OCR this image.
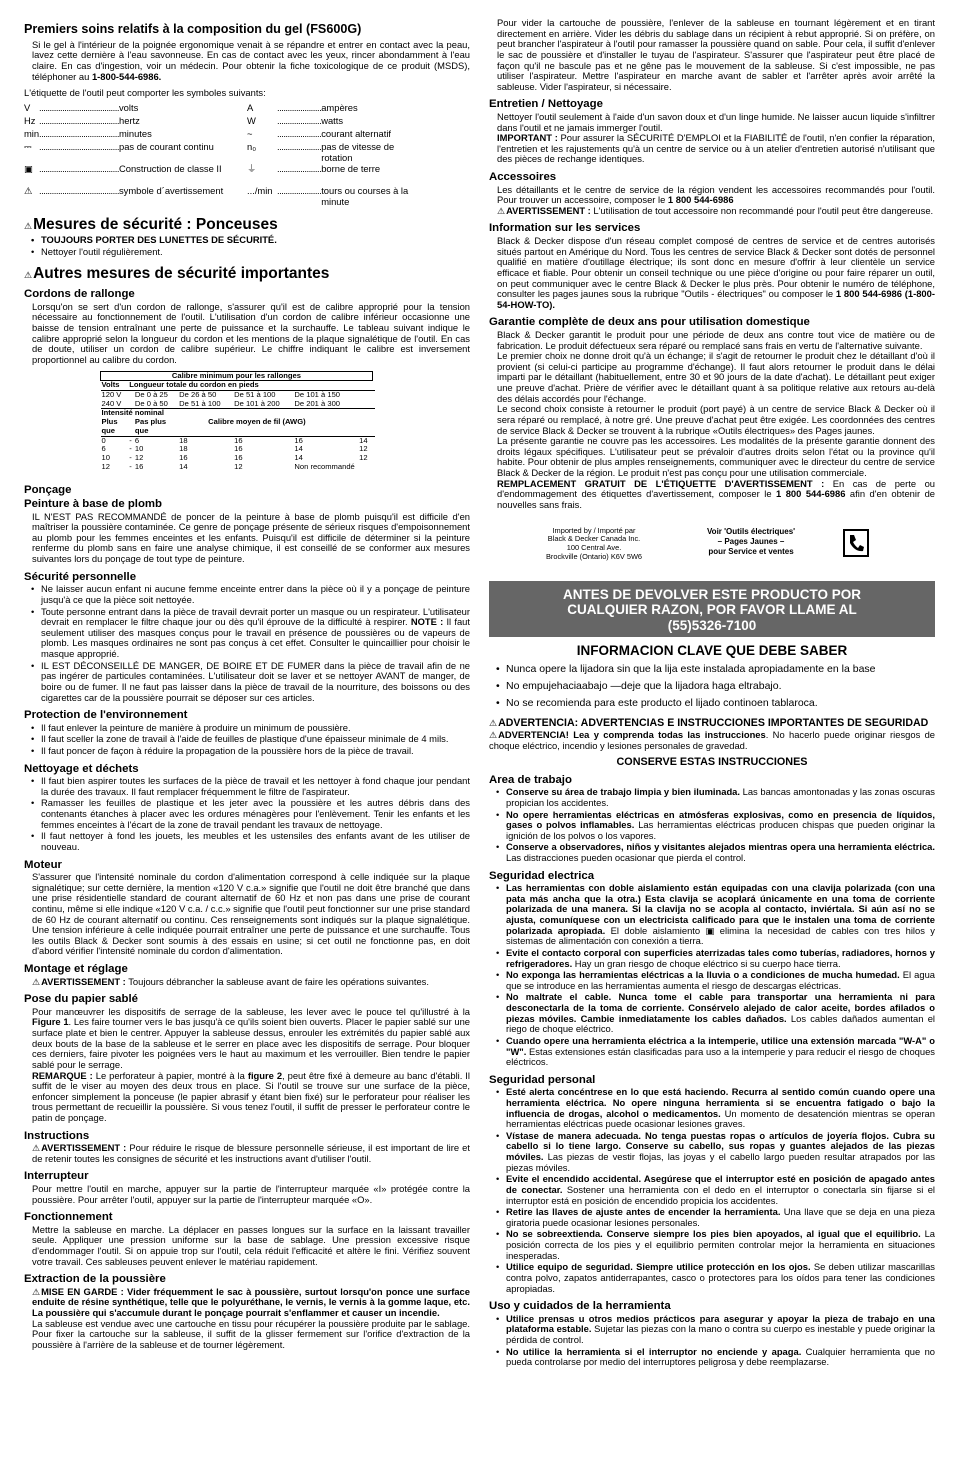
Premiers soins relatifs à la composition du gel (FS600G)

Si le gel à l'intérieur de la poignée ergonomique venait à se répandre et entrer en contact avec la peau, lavez cette dernière à l'eau savonneuse. En cas de contact avec les yeux, rincer abondamment à l'eau claire. En cas d'ingestion, voir un médecin. Pour obtenir la fiche toxicologique de ce produit (MSDS), téléphoner au 1-800-544-6986.

L'étiquette de l'outil peut comporter les symboles suivants:
V ...................................... volts	A	..................... ampères
Hz ...................................... hertz	W	..................... watts
min ...................................... minutes	~	..................... courant alternatif
⎓ ...................................... pas de courant continu	n₀	..................... pas de vitesse de rotation
▣ ...................................... Construction de classe II	⏚	..................... borne de terre
⚠ ...................................... symbole d´avertissement	.../min ..................... tours ou courses à la minute
⚠Mesures de sécurité : Ponceuses
• TOUJOURS PORTER DES LUNETTES DE SÉCURITÉ.
• Nettoyer l'outil régulièrement.
⚠Autres mesures de sécurité importantes
Cordons de rallonge

Lorsqu'on se sert d'un cordon de rallonge, s'assurer qu'il est de calibre approprié pour la tension nécessaire au fonctionnement de l'outil. L'utilisation d'un cordon de calibre inférieur occasionne une baisse de tension entraînant une perte de puissance et la surchauffe. Le tableau suivant indique le calibre approprié selon la longueur du cordon et les mentions de la plaque signalétique de l'outil. En cas de doute, utiliser un cordon de calibre supérieur. Le chiffre indiquant le calibre est inversement proportionnel au calibre du cordon.

Calibre minimum pour les rallonges							
Volts	Longueur totale du cordon en pieds						
120 V		De 0 à 25	De 26 à 50	De 51 à 100	De 101 à 150		
240 V		De 0 à 50	De 51 à 100	De 101 à 200	De 201 à 300		
Intensité nominal							
Plus		Pas plus	Calibre moyen de fil (AWG)				
que		que					
0	-	6	18	16	16	14	
6	-	10	18	16	14	12	
10	-	12	16	16	14	12	
12	-	16	14	12	Non recommandé		
Ponçage
Peinture à base de plomb

IL N'EST PAS RECOMMANDÉ de poncer de la peinture à base de plomb puisqu'il est difficile d'en maîtriser la poussière contaminée. Ce genre de ponçage présente de sérieux risques d'empoisonnement au plomb pour les femmes enceintes et les enfants. Puisqu'il est difficile de déterminer si la peinture renferme du plomb sans en faire une analyse chimique, il est conseillé de se conformer aux mesures suivantes lors du ponçage de tout type de peinture.

Sécurité personnelle
• Ne laisser aucun enfant ni aucune femme enceinte entrer dans la pièce où il y a ponçage de peinture jusqu'à ce que la pièce soit nettoyée.
• Toute personne entrant dans la pièce de travail devrait porter un masque ou un respirateur. L'utilisateur devrait en remplacer le filtre chaque jour ou dès qu'il éprouve de la difficulté à respirer. NOTE : Il faut seulement utiliser des masques conçus pour le travail en présence de poussières ou de vapeurs de plomb. Les masques ordinaires ne sont pas conçus à cet effet. Consulter le quincaillier pour choisir le masque approprié.
• IL EST DÉCONSEILLÉ DE MANGER, DE BOIRE ET DE FUMER dans la pièce de travail afin de ne pas ingérer de particules contaminées. L'utilisateur doit se laver et se nettoyer AVANT de manger, de boire ou de fumer. Il ne faut pas laisser dans la pièce de travail de la nourriture, des boissons ou des cigarettes car de la poussière pourrait se déposer sur ces articles.
Protection de l'environnement
• Il faut enlever la peinture de manière à produire un minimum de poussière.
• Il faut sceller la zone de travail à l'aide de feuilles de plastique d'une épaisseur minimale de 4 mils.
• Il faut poncer de façon à réduire la propagation de la poussière hors de la pièce de travail.
Nettoyage et déchets
• Il faut bien aspirer toutes les surfaces de la pièce de travail et les nettoyer à fond chaque jour pendant la durée des travaux. Il faut remplacer fréquemment le filtre de l'aspirateur.
• Ramasser les feuilles de plastique et les jeter avec la poussière et les autres débris dans des contenants étanches à placer avec les ordures ménagères pour l'enlèvement. Tenir les enfants et les femmes enceintes à l'écart de la zone de travail pendant les travaux de nettoyage.
• Il faut nettoyer à fond les jouets, les meubles et les ustensiles des enfants avant de les utiliser de nouveau.
Moteur

S'assurer que l'intensité nominale du cordon d'alimentation correspond à celle indiquée sur la plaque signalétique; sur cette dernière, la mention «120 V c.a.» signifie que l'outil ne doit être branché que dans une prise résidentielle standard de courant alternatif de 60 Hz et non pas dans une prise de courant continu, même si elle indique «120 V c.a. / c.c.» signifie que l'outil peut fonctionner sur une prise standard de 60 Hz de courant alternatif ou continu. Ces renseignements sont indiqués sur la plaque signalétique. Une tension inférieure à celle indiquée pourrait entraîner une perte de puissance et une surchauffe. Tous les outils Black & Decker sont soumis à des essais en usine; si cet outil ne fonctionne pas, en doit d'abord vérifier l'intensité nominale du cordon d'alimentation.

Montage et réglage

⚠AVERTISSEMENT : Toujours débrancher la sableuse avant de faire les opérations suivantes.

Pose du papier sablé

Pour manœuvrer les dispositifs de serrage de la sableuse, les lever avec le pouce tel qu'illustré à la Figure 1. Les faire tourner vers le bas jusqu'à ce qu'ils soient bien ouverts. Placer le papier sablé sur une surface plate et bien le centrer. Appuyer la sableuse dessus, enrouler les extrémités du papier sablé aux deux bouts de la base de la sableuse et le serrer en place avec les dispositifs de serrage. Pour bloquer ces derniers, faire pivoter les poignées vers le haut au maximum et les verrouiller. Bien tendre le papier sablé pour le serrage.
REMARQUE : Le perforateur à papier, montré à la figure 2, peut être fixé à demeure au banc d'établi. Il suffit de le viser au moyen des deux trous en place. Si l'outil se trouve sur une surface de la pièce, enfoncer simplement la ponceuse (le papier abrasif y étant bien fixé) sur le perforateur pour réaliser les trous permettant de recueillir la poussière. Si vous tenez l'outil, il suffit de presser le perforateur contre le patin de ponçage.

Instructions

⚠AVERTISSEMENT : Pour réduire le risque de blessure personnelle sérieuse, il est important de lire et de retenir toutes les consignes de sécurité et les instructions avant d'utiliser l'outil.

Interrupteur

Pour mettre l'outil en marche, appuyer sur la partie de l'interrupteur marquée «I» protégée contre la poussière. Pour arrêter l'outil, appuyer sur la partie de l'interrupteur marquée «O».

Fonctionnement

Mettre la sableuse en marche. La déplacer en passes longues sur la surface en la laissant travailler seule. Appliquer une pression uniforme sur la base de sablage. Une pression excessive risque d'endommager l'outil. Si on appuie trop sur l'outil, cela réduit l'efficacité et altère le fini. Vérifiez souvent votre travail. Ces sableuses peuvent enlever le matériau rapidement.

Extraction de la poussière

⚠MISE EN GARDE : Vider fréquemment le sac à poussière, surtout lorsqu'on ponce une surface enduite de résine synthétique, telle que le polyuréthane, le vernis, le vernis à la gomme laque, etc. La poussière qui s'accumule durant le ponçage pourrait s'enflammer et causer un incendie.

La sableuse est vendue avec une cartouche en tissu pour récupérer la poussière produite par le sablage. Pour fixer la cartouche sur la sableuse, il suffit de la glisser fermement sur l'orifice d'extraction de la poussière à l'arrière de la sableuse et de tourner légèrement.

Pour vider la cartouche de poussière, l'enlever de la sableuse en tournant légèrement et en tirant directement en arrière. Vider les débris du sablage dans un récipient à rebut approprié. Si on préfère, on peut brancher l'aspirateur à l'outil pour ramasser la poussière quand on sable. Pour cela, il suffit d'enlever le sac de poussière et d'installer le tuyau de l'aspirateur. S'assurer que l'aspirateur peut être placé de façon qu'il ne bascule pas et ne gêne pas le mouvement de la sableuse. Si c'est impossible, ne pas utiliser l'aspirateur. Mettre l'aspirateur en marche avant de sabler et l'arrêter après avoir arrêté la sableuse. Vider l'aspirateur, si nécessaire.

Entretien / Nettoyage

Nettoyer l'outil seulement à l'aide d'un savon doux et d'un linge humide. Ne laisser aucun liquide s'infiltrer dans l'outil et ne jamais immerger l'outil.
IMPORTANT : Pour assurer la SÉCURITÉ D'EMPLOI et la FIABILITÉ de l'outil, n'en confier la réparation, l'entretien et les rajustements qu'à un centre de service ou à un atelier d'entretien autorisé n'utilisant que des pièces de rechange identiques.

Accessoires

Les détaillants et le centre de service de la région vendent les accessoires recommandés pour l'outil. Pour trouver un accessoire, composer le 1 800 544-6986
⚠AVERTISSEMENT : L'utilisation de tout accessoire non recommandé pour l'outil peut être dangereuse.

Information sur les services

Black & Decker dispose d'un réseau complet composé de centres de service et de centres autorisés situés partout en Amérique du Nord. Tous les centres de service Black & Decker sont dotés de personnel qualifié en matière d'outillage électrique; ils sont donc en mesure d'offrir à leur clientèle un service efficace et fiable. Pour obtenir un conseil technique ou une pièce d'origine ou pour faire réparer un outil, on peut communiquer avec le centre Black & Decker le plus près. Pour obtenir le numéro de téléphone, consulter les pages jaunes sous la rubrique "Outils - électriques" ou composer le 1 800 544-6986 (1-800-54-HOW-TO).

Garantie complète de deux ans pour utilisation domestique

Black & Decker garantit le produit pour une période de deux ans contre tout vice de matière ou de fabrication. Le produit défectueux sera réparé ou remplacé sans frais en vertu de l'alternative suivante.

Le premier choix ne donne droit qu'à un échange; il s'agit de retourner le produit chez le détaillant d'où il provient (si celui-ci participe au programme d'échange). Il faut alors retourner le produit dans le délai imparti par le détaillant (habituellement, entre 30 et 90 jours de la date d'achat). Le détaillant peut exiger une preuve d'achat. Prière de vérifier avec le détaillant quant à sa politique relative aux retours au-delà des délais accordés pour l'échange.

Le second choix consiste à retourner le produit (port payé) à un centre de service Black & Decker où il sera réparé ou remplacé, à notre gré. Une preuve d'achat peut être exigée. Les coordonnées des centres de service Black & Decker se trouvent à la rubrique «Outils électriques» des Pages jaunes.

La présente garantie ne couvre pas les accessoires. Les modalités de la présente garantie donnent des droits légaux spécifiques. L'utilisateur peut se prévaloir d'autres droits selon l'état ou la province qu'il habite. Pour obtenir de plus amples renseignements, communiquer avec le directeur du centre de service Black & Decker de la région. Le produit n'est pas conçu pour une utilisation commerciale.

REMPLACEMENT GRATUIT DE L'ÉTIQUETTE D'AVERTISSEMENT : En cas de perte ou d'endommagement des étiquettes d'avertissement, composer le 1 800 544-6986 afin d'en obtenir de nouvelles sans frais.

Imported by / Importé par
Black & Decker Canada Inc.
100 Central Ave.
Brockville (Ontario) K6V 5W6
Voir 'Outils électriques'
– Pages Jaunes –
pour Service et ventes
ANTES DE DEVOLVER ESTE PRODUCTO POR
CUALQUIER RAZON, POR FAVOR LLAME AL
(55)5326-7100
INFORMACION CLAVE QUE DEBE SABER
• Nunca opere la lijadora sin que la lija este instalada apropiadamente en la base
• No empujehaciaabajo —deje que la lijadora haga eltrabajo.
• No se recomienda para este producto el lijado continoen tablaroca.
⚠ADVERTENCIA: ADVERTENCIAS E INSTRUCCIONES IMPORTANTES DE SEGURIDAD
⚠ADVERTENCIA! Lea y comprenda todas las instrucciones. No hacerlo puede originar riesgos de choque eléctrico, incendio y lesiones personales de gravedad.
CONSERVE ESTAS INSTRUCCIONES
Area de trabajo
• Conserve su área de trabajo limpia y bien iluminada. Las bancas amontonadas y las zonas oscuras propician los accidentes.
• No opere herramientas eléctricas en atmósferas explosivas, como en presencia de líquidos, gases o polvos inflamables. Las herramientas eléctricas producen chispas que pueden originar la ignición de los polvos o los vapores.
• Conserve a observadores, niños y visitantes alejados mientras opera una herramienta eléctrica. Las distracciones pueden ocasionar que pierda el control.
Seguridad electrica
• Las herramientas con doble aislamiento están equipadas con una clavija polarizada (con una pata más ancha que la otra.) Esta clavija se acoplará únicamente en una toma de corriente polarizada de una manera. Si la clavija no se acopla al contacto, inviértala. Si aún así no se ajusta, comuníquese con un electricista calificado para que le instalen una toma de corriente polarizada apropiada. El doble aislamiento ▣ elimina la necesidad de cables con tres hilos y sistemas de alimentación con conexión a tierra.
• Evite el contacto corporal con superficies aterrizadas tales como tuberías, radiadores, hornos y refrigeradores. Hay un gran riesgo de choque eléctrico si su cuerpo hace tierra.
• No exponga las herramientas eléctricas a la lluvia o a condiciones de mucha humedad. El agua que se introduce en las herramientas aumenta el riesgo de descargas eléctricas.
• No maltrate el cable. Nunca tome el cable para transportar una herramienta ni para desconectarla de la toma de corriente. Consérvelo alejado de calor aceite, bordes afilados o piezas móviles. Cambie inmediatamente los cables dañados. Los cables dañados aumentan el riego de choque eléctrico.
• Cuando opere una herramienta eléctrica a la intemperie, utilice una extensión marcada "W-A" o "W". Estas extensiones están clasificadas para uso a la intemperie y para reducir el riesgo de choques eléctricos.
Seguridad personal
• Esté alerta concéntrese en lo que está haciendo. Recurra al sentido común cuando opere una herramienta eléctrica. No opere ninguna herramienta si se encuentra fatigado o bajo la influencia de drogas, alcohol o medicamentos. Un momento de desatención mientras se operan herramientas eléctricas puede ocasionar lesiones graves.
• Vístase de manera adecuada. No tenga puestas ropas o artículos de joyería flojos. Cubra su cabello si lo tiene largo. Conserve su cabello, sus ropas y guantes alejados de las piezas móviles. Las piezas de vestir flojas, las joyas y el cabello largo pueden resultar atrapados por las piezas móviles.
• Evite el encendido accidental. Asegúrese que el interruptor esté en posición de apagado antes de conectar. Sostener una herramienta con el dedo en el interruptor o conectarla sin fijarse si el interruptor está en posición de encendido propicia los accidentes.
• Retire las llaves de ajuste antes de encender la herramienta. Una llave que se deja en una pieza giratoria puede ocasionar lesiones personales.
• No se sobreextienda. Conserve siempre los pies bien apoyados, al igual que el equilibrio. La posición correcta de los pies y el equilibrio permiten controlar mejor la herramienta en situaciones inesperadas.
• Utilice equipo de seguridad. Siempre utilice protección en los ojos. Se deben utilizar mascarillas contra polvo, zapatos antiderrapantes, casco o protectores para los oídos para tener las condiciones apropiadas.
Uso y cuidados de la herramienta
• Utilice prensas u otros medios prácticos para asegurar y apoyar la pieza de trabajo en una plataforma estable. Sujetar las piezas con la mano o contra su cuerpo es inestable y puede originar la pérdida de control.
• No utilice la herramienta si el interruptor no enciende y apaga. Cualquier herramienta que no pueda controlarse por medio del interruptores peligrosa y debe reemplazarse.
